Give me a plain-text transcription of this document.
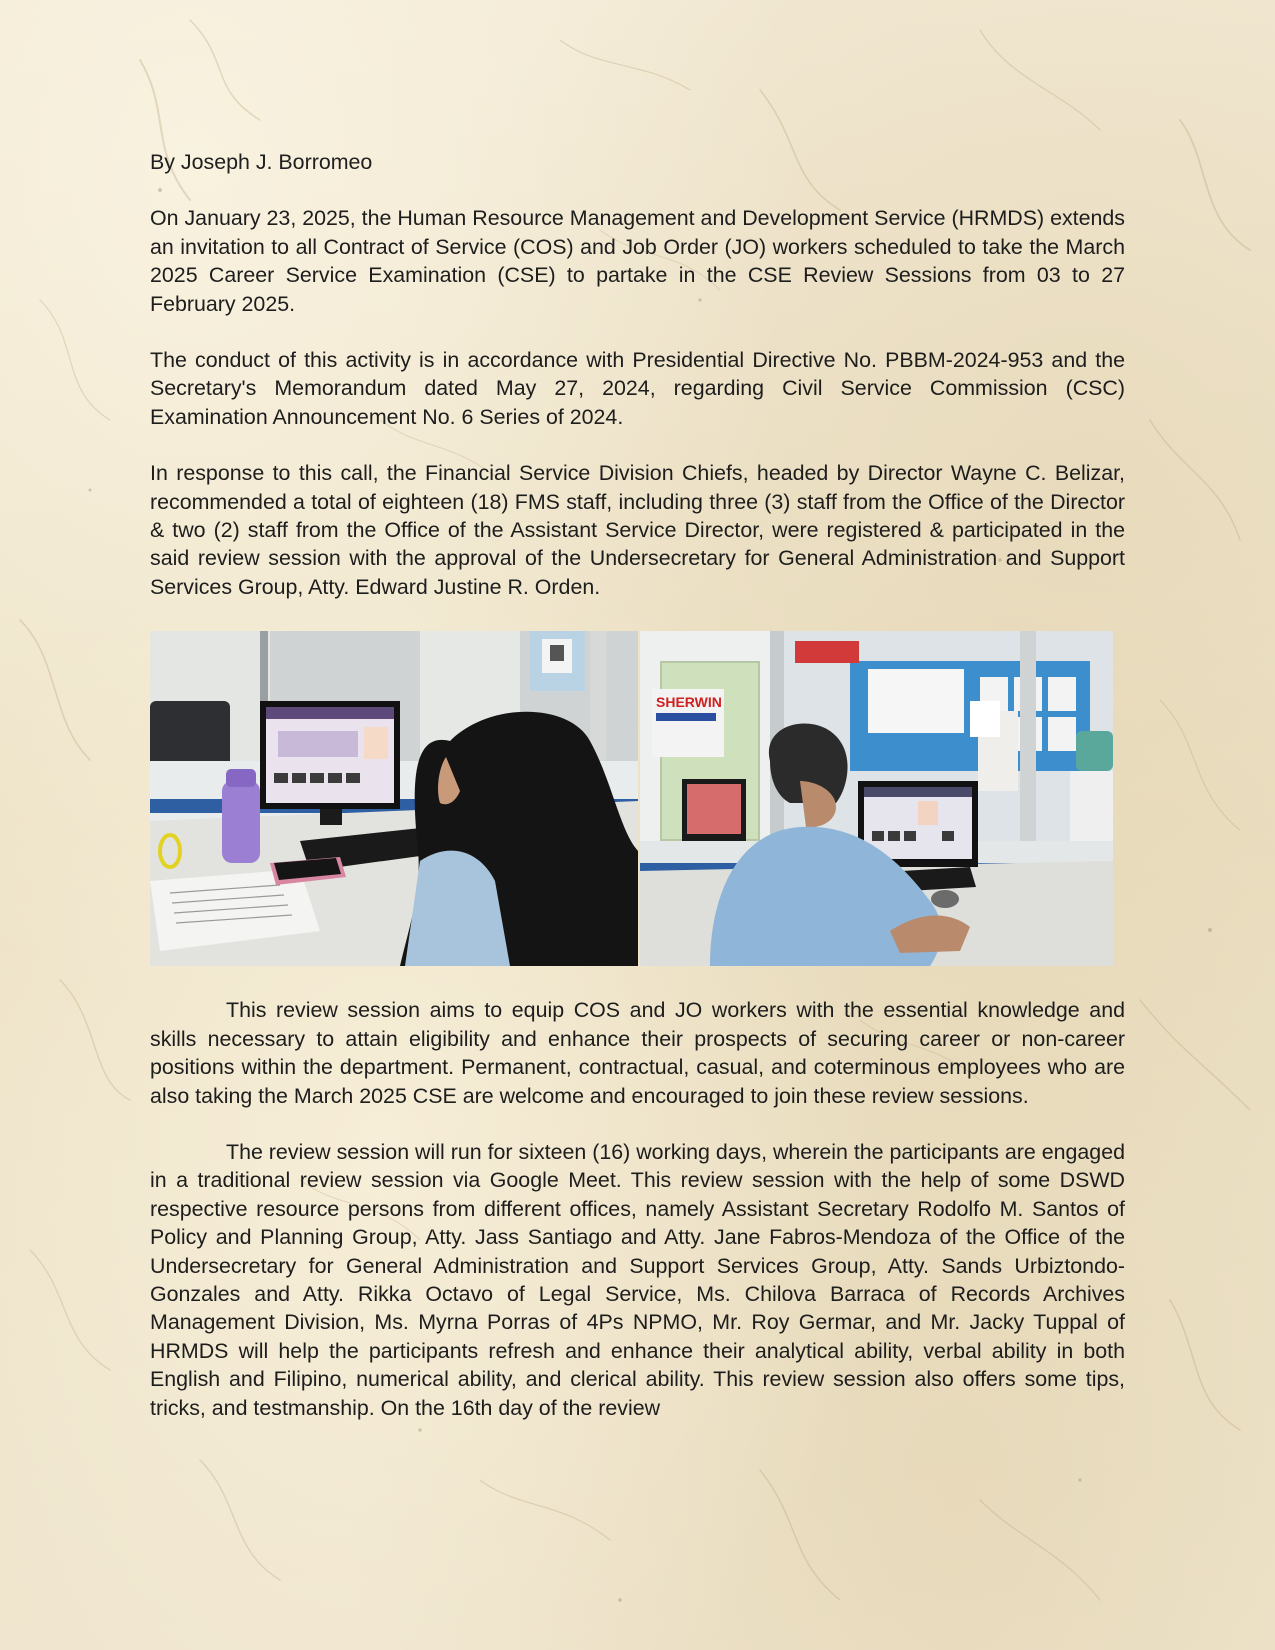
By Joseph J. Borromeo

On January 23, 2025, the Human Resource Management and Development Service (HRMDS) extends an invitation to all Contract of Service (COS) and Job Order (JO) workers scheduled to take the March 2025 Career Service Examination (CSE) to partake in the CSE Review Sessions from 03 to 27 February 2025.

The conduct of this activity is in accordance with Presidential Directive No. PBBM-2024-953 and the Secretary's Memorandum dated May 27, 2024, regarding Civil Service Commission (CSC) Examination Announcement No. 6 Series of 2024.

In response to this call, the Financial Service Division Chiefs, headed by Director Wayne C. Belizar, recommended a total of eighteen (18) FMS staff, including three (3) staff from the Office of the Director & two (2) staff from the Office of the Assistant Service Director, were registered & participated in the said review session with the approval of the Undersecretary for General Administration and Support Services Group, Atty. Edward Justine R. Orden.

SHERWIN

This review session aims to equip COS and JO workers with the essential knowledge and skills necessary to attain eligibility and enhance their prospects of securing career or non-career positions within the department. Permanent, contractual, casual, and coterminous employees who are also taking the March 2025 CSE are welcome and encouraged to join these review sessions.

The review session will run for sixteen (16) working days, wherein the participants are engaged in a traditional review session via Google Meet. This review session with the help of some DSWD respective resource persons from different offices, namely Assistant Secretary Rodolfo M. Santos of Policy and Planning Group, Atty. Jass Santiago and Atty. Jane Fabros-Mendoza of the Office of the Undersecretary for General Administration and Support Services Group, Atty. Sands Urbiztondo-Gonzales and Atty. Rikka Octavo of Legal Service, Ms. Chilova Barraca of Records Archives Management Division, Ms. Myrna Porras of 4Ps NPMO, Mr. Roy Germar, and Mr. Jacky Tuppal of HRMDS will help the participants refresh and enhance their analytical ability, verbal ability in both English and Filipino, numerical ability, and clerical ability. This review session also offers some tips, tricks, and testmanship. On the 16th day of the review
